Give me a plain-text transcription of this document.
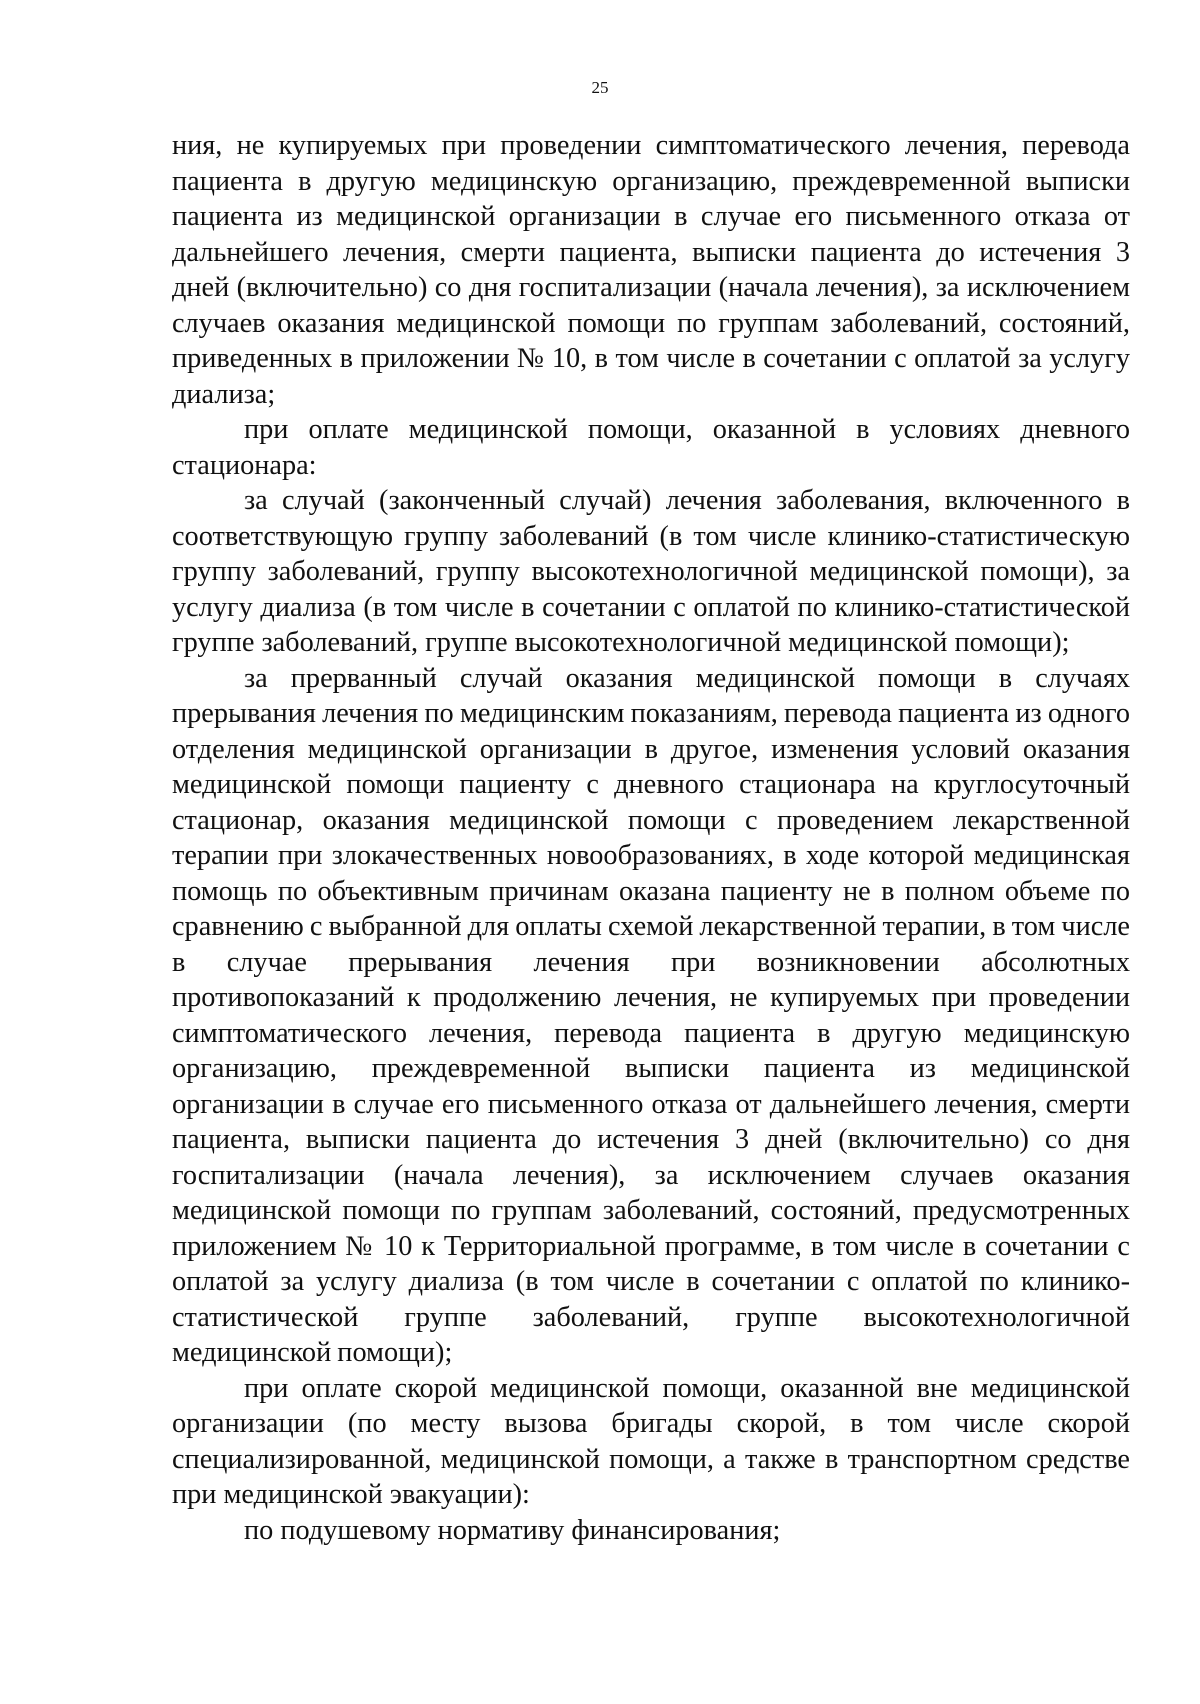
25

ния, не купируемых при проведении симптоматического лечения, перевода пациента в другую медицинскую организацию, преждевременной выписки пациента из медицинской организации в случае его письменного отказа от дальнейшего лечения, смерти пациента, выписки пациента до истечения 3 дней (включительно) со дня госпитализации (начала лечения), за исключением случаев оказания медицинской помощи по группам заболеваний, состояний, приведенных в приложении № 10, в том числе в сочетании с оплатой за услугу диализа;

при оплате медицинской помощи, оказанной в условиях дневного стационара:

за случай (законченный случай) лечения заболевания, включенного в соответствующую группу заболеваний (в том числе клинико-статистическую группу заболеваний, группу высокотехнологичной медицинской помощи), за услугу диализа (в том числе в сочетании с оплатой по клинико-статистической группе заболеваний, группе высокотехнологичной медицинской помощи);

за прерванный случай оказания медицинской помощи в случаях прерывания лечения по медицинским показаниям, перевода пациента из одного отделения медицинской организации в другое, изменения условий оказания медицинской помощи пациенту с дневного стационара на круглосуточный стационар, оказания медицинской помощи с проведением лекарственной терапии при злокачественных новообразованиях, в ходе которой медицинская помощь по объективным причинам оказана пациенту не в полном объеме по сравнению с выбранной для оплаты схемой лекарственной терапии, в том числе в случае прерывания лечения при возникновении абсолютных противопоказаний к продолжению лечения, не купируемых при проведении симптоматического лечения, перевода пациента в другую медицинскую организацию, преждевременной выписки пациента из медицинской организации в случае его письменного отказа от дальнейшего лечения, смерти пациента, выписки пациента до истечения 3 дней (включительно) со дня госпитализации (начала лечения), за исключением случаев оказания медицинской помощи по группам заболеваний, состояний, предусмотренных приложением № 10 к Территориальной программе, в том числе в сочетании с оплатой за услугу диализа (в том числе в сочетании с оплатой по клинико-статистической группе заболеваний, группе высокотехнологичной медицинской помощи);

при оплате скорой медицинской помощи, оказанной вне медицинской организации (по месту вызова бригады скорой, в том числе скорой специализированной, медицинской помощи, а также в транспортном средстве при медицинской эвакуации):

по подушевому нормативу финансирования;
